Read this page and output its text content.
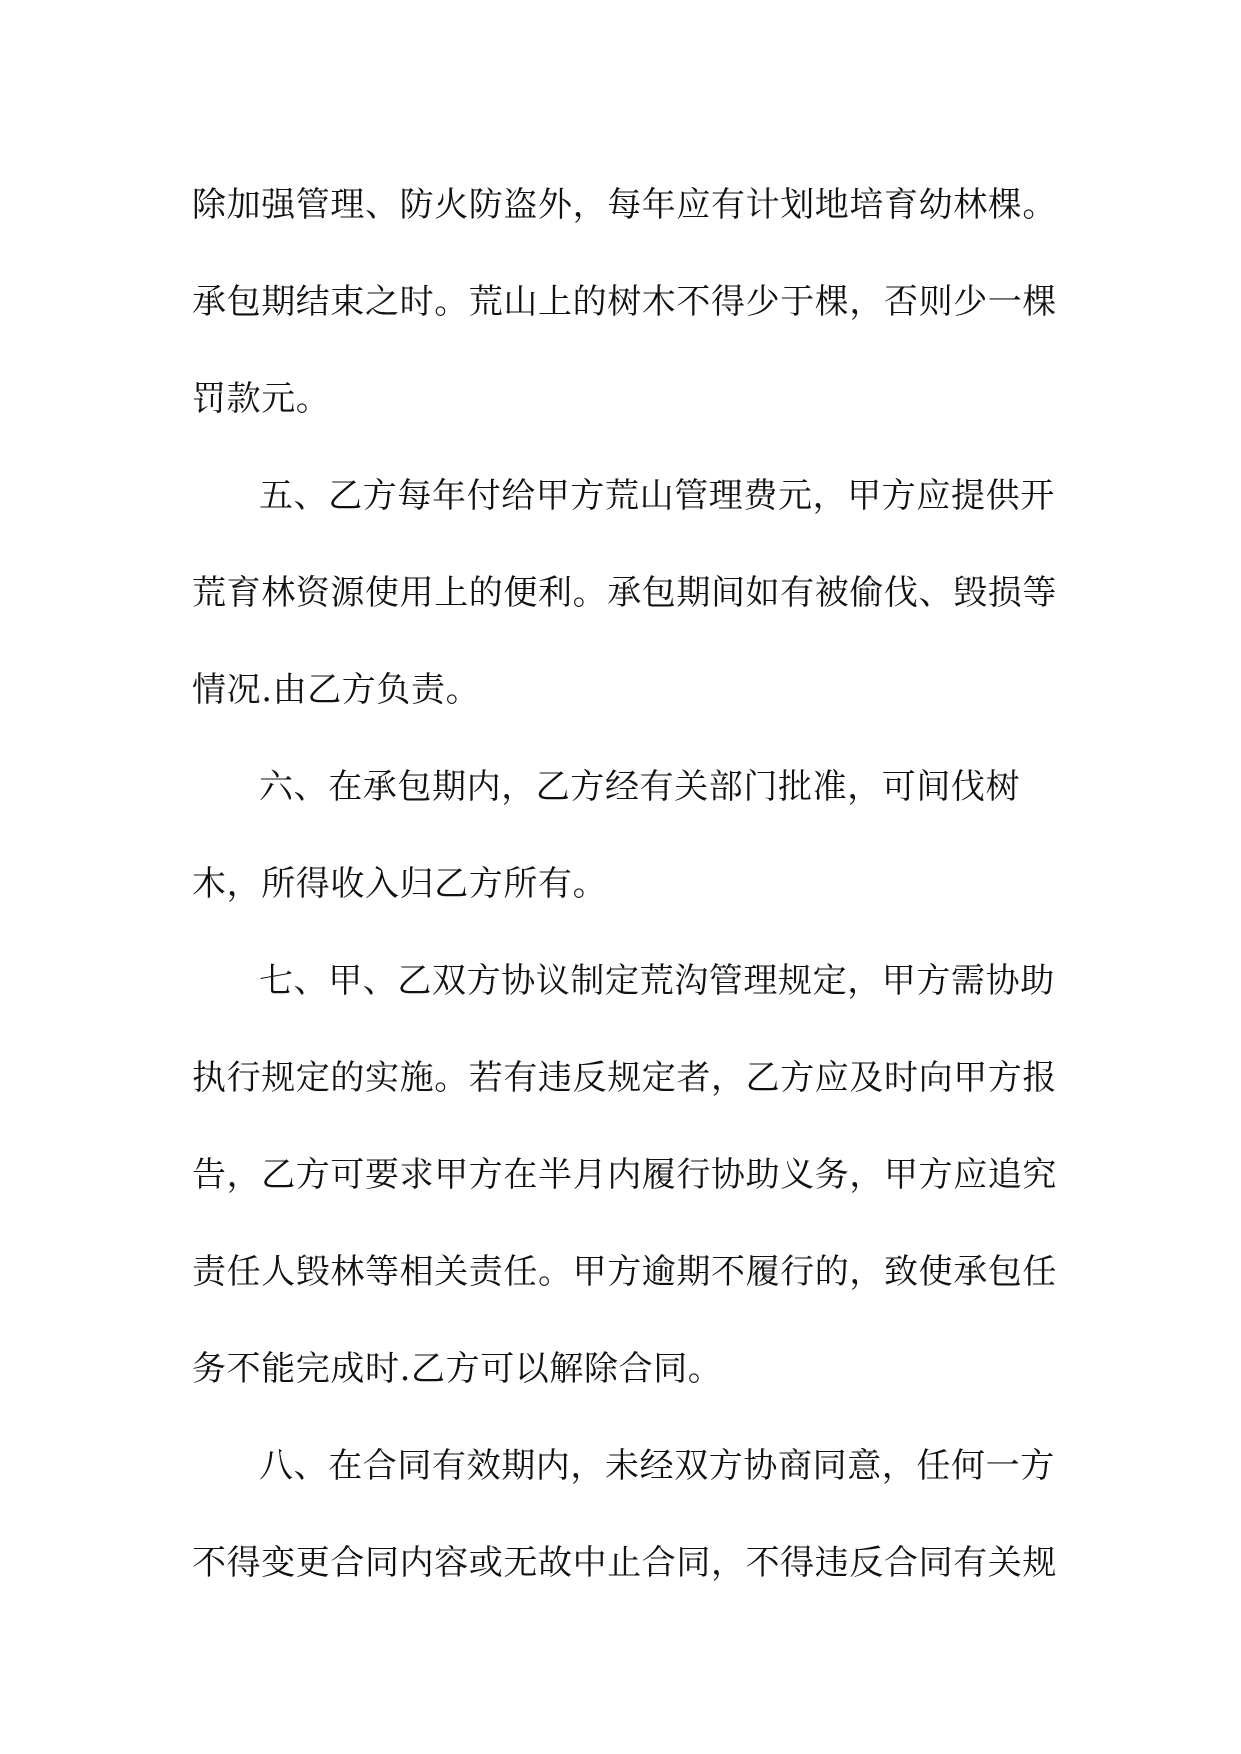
除加强管理、防火防盗外，每年应有计划地培育幼林棵。
承包期结束之时。荒山上的树木不得少于棵，否则少一棵
罚款元。
五、乙方每年付给甲方荒山管理费元，甲方应提供开
荒育林资源使用上的便利。承包期间如有被偷伐、毁损等
情况.由乙方负责。
六、在承包期内，乙方经有关部门批准，可间伐树
木，所得收入归乙方所有。
七、甲、乙双方协议制定荒沟管理规定，甲方需协助
执行规定的实施。若有违反规定者，乙方应及时向甲方报
告，乙方可要求甲方在半月内履行协助义务，甲方应追究
责任人毁林等相关责任。甲方逾期不履行的，致使承包任
务不能完成时.乙方可以解除合同。
八、在合同有效期内，未经双方协商同意，任何一方
不得变更合同内容或无故中止合同，不得违反合同有关规
